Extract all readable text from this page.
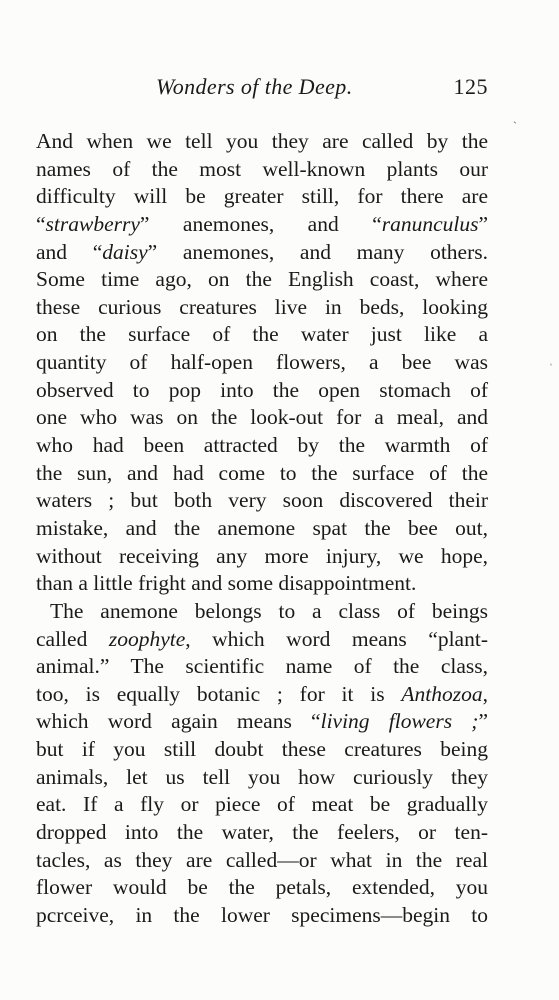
Wonders of the Deep.	125
And when we tell you they are called by the
names of the most well-known plants our
difficulty will be greater still, for there are
“strawberry” anemones, and “ranunculus”
and “daisy” anemones, and many others.
Some time ago, on the English coast, where
these curious creatures live in beds, looking
on the surface of the water just like a
quantity of half-open flowers, a bee was
observed to pop into the open stomach of
one who was on the look-out for a meal, and
who had been attracted by the warmth of
the sun, and had come to the surface of the
waters ; but both very soon discovered their
mistake, and the anemone spat the bee out,
without receiving any more injury, we hope,
than a little fright and some disappointment.
The anemone belongs to a class of beings
called zoophyte, which word means “plant-
animal.” The scientific name of the class,
too, is equally botanic ; for it is Anthozoa,
which word again means “living flowers ;”
but if you still doubt these creatures being
animals, let us tell you how curiously they
eat. If a fly or piece of meat be gradually
dropped into the water, the feelers, or ten-
tacles, as they are called—or what in the real
flower would be the petals, extended, you
pcrceive, in the lower specimens—begin to
ˎ
ˌ
